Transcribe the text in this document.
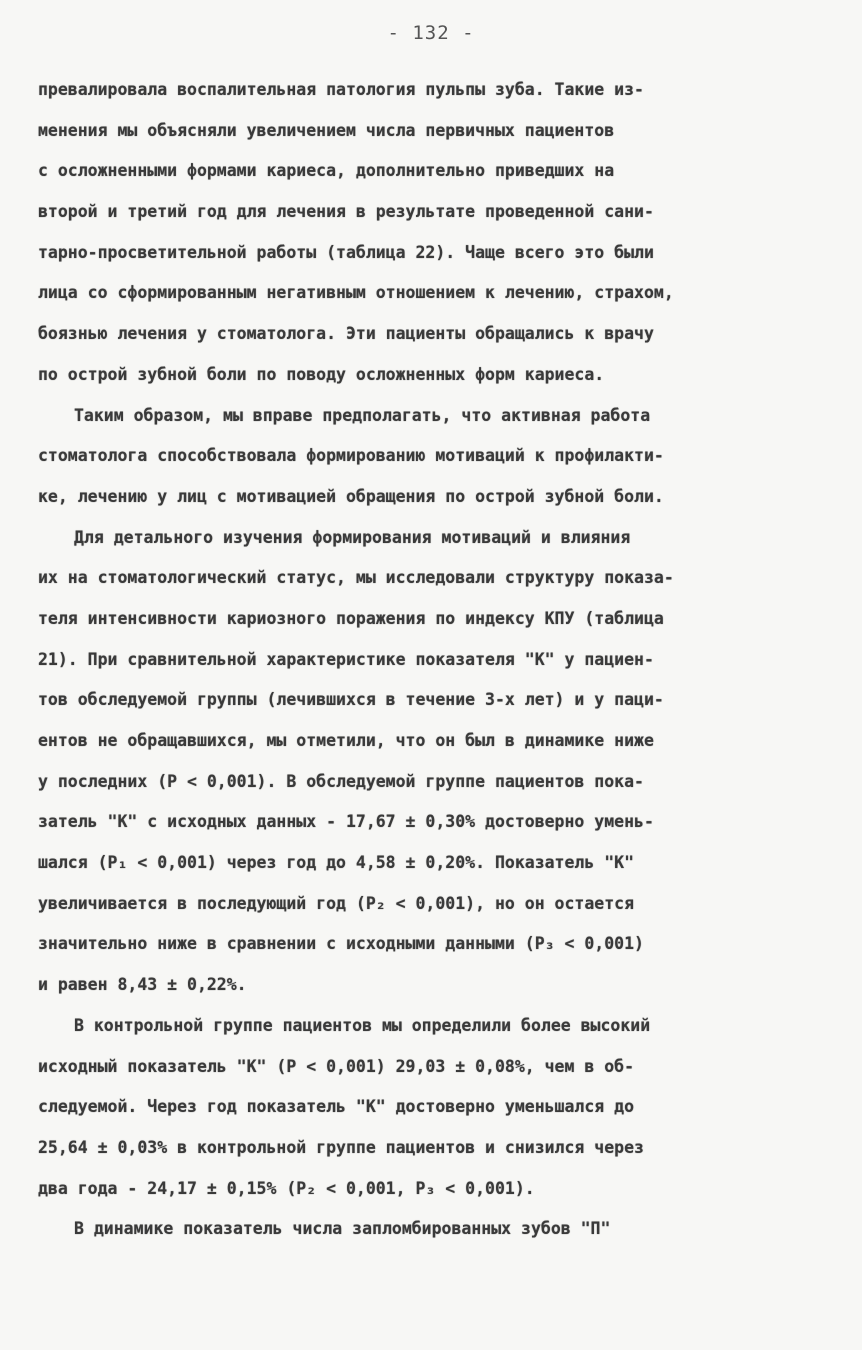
- 132 -
превалировала воспалительная патология пульпы зуба. Такие из-
менения мы объясняли увеличением числа первичных пациентов
с осложненными формами кариеса, дополнительно приведших на
второй и третий год для лечения в результате проведенной сани-
тарно-просветительной работы (таблица 22). Чаще всего это были
лица со сформированным негативным отношением к лечению, страхом,
боязнью лечения у стоматолога. Эти пациенты обращались к врачу
по острой зубной боли по поводу осложненных форм кариеса.
Таким образом, мы вправе предполагать, что активная работа
стоматолога способствовала формированию мотиваций к профилакти-
ке, лечению у лиц с мотивацией обращения по острой зубной боли.
Для детального изучения формирования мотиваций и влияния
их на стоматологический статус, мы исследовали структуру показа-
теля интенсивности кариозного поражения по индексу КПУ (таблица
21). При сравнительной характеристике показателя "К" у пациен-
тов обследуемой группы (лечившихся в течение 3-х лет) и у паци-
ентов не обращавшихся, мы отметили, что он был в динамике ниже
у последних (P < 0,001). В обследуемой группе пациентов пока-
затель "К" с исходных данных - 17,67 ± 0,30% достоверно умень-
шался (P₁ < 0,001) через год до 4,58 ± 0,20%. Показатель "К"
увеличивается в последующий год (P₂ < 0,001), но он остается
значительно ниже в сравнении с исходными данными (P₃ < 0,001)
и равен 8,43 ± 0,22%.
В контрольной группе пациентов мы определили более высокий
исходный показатель "К" (P < 0,001) 29,03 ± 0,08%, чем в об-
следуемой. Через год показатель "К" достоверно уменьшался до
25,64 ± 0,03% в контрольной группе пациентов и снизился через
два года - 24,17 ± 0,15% (P₂ < 0,001, P₃ < 0,001).
В динамике показатель числа запломбированных зубов "П"
